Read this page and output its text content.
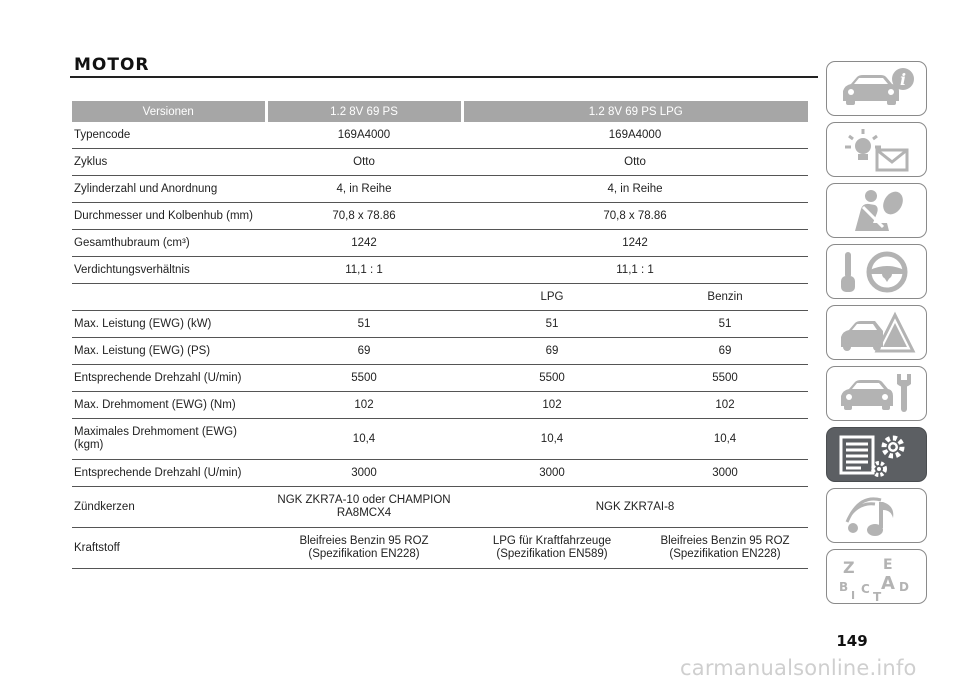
MOTOR
Versionen	1.2 8V 69 PS	1.2 8V 69 PS LPG	
Typencode	169A4000	169A4000	
Zyklus	Otto	Otto	
Zylinderzahl und Anordnung	4, in Reihe	4, in Reihe	
Durchmesser und Kolbenhub (mm)	70,8 x 78.86	70,8 x 78.86	
Gesamthubraum (cm³)	1242	1242	
Verdichtungsverhältnis	11,1 : 1	11,1 : 1	
		LPG	Benzin
Max. Leistung (EWG) (kW)	51	51	51
Max. Leistung (EWG) (PS)	69	69	69
Entsprechende Drehzahl (U/min)	5500	5500	5500
Max. Drehmoment (EWG) (Nm)	102	102	102
Maximales Drehmoment (EWG) (kgm)	10,4	10,4	10,4
Entsprechende Drehzahl (U/min)	3000	3000	3000
Zündkerzen	NGK ZKR7A-10 oder CHAMPION RA8MCX4	NGK ZKR7AI-8	
Kraftstoff	Bleifreies Benzin 95 ROZ (Spezifikation EN228)	LPG für Kraftfahrzeuge (Spezifikation EN589)	Bleifreies Benzin 95 ROZ (Spezifikation EN228)
i
Z E
A
B C D
I T
149
carmanualsonline.info
